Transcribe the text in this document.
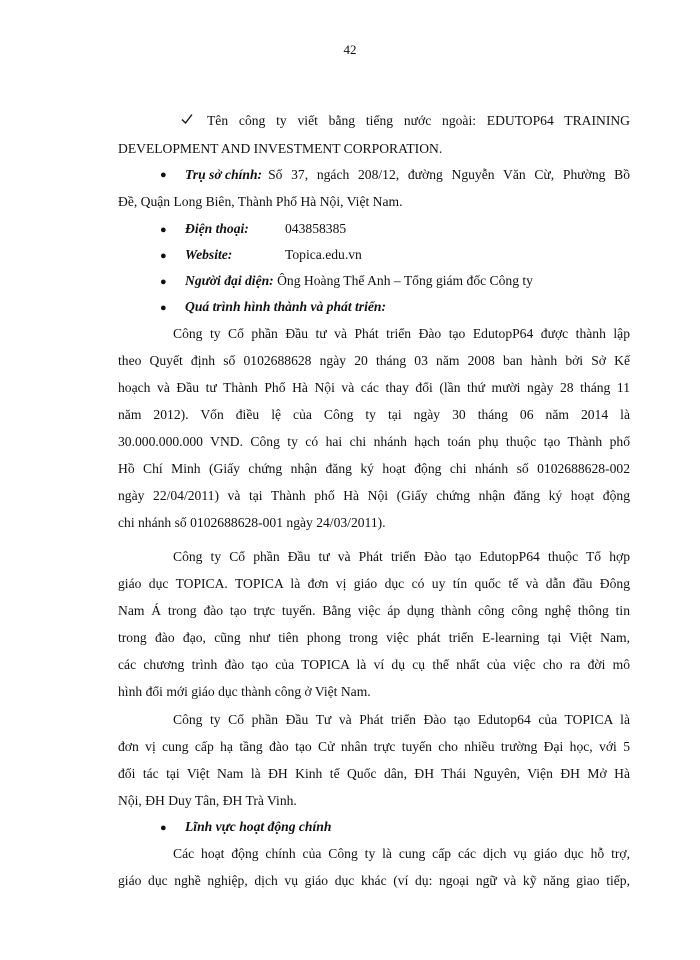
42
Tên công ty viết bằng tiếng nước ngoài: EDUTOP64 TRAINING
DEVELOPMENT AND INVESTMENT CORPORATION.
● Trụ sở chính: Số 37, ngách 208/12, đường Nguyễn Văn Cừ, Phường Bồ
Đề, Quận Long Biên, Thành Phố Hà Nội, Việt Nam.
● Điện thoại:	043858385
● Website:	Topica.edu.vn
● Người đại diện: Ông Hoàng Thế Anh – Tổng giám đốc Công ty
● Quá trình hình thành và phát triển:
Công ty Cổ phần Đầu tư và Phát triển Đào tạo EdutopP64 được thành lập
theo Quyết định số 0102688628 ngày 20 tháng 03 năm 2008 ban hành bởi Sở Kế
hoạch và Đầu tư Thành Phố Hà Nội và các thay đổi (lần thứ mười ngày 28 tháng 11
năm 2012). Vốn điều lệ của Công ty tại ngày 30 tháng 06 năm 2014 là
30.000.000.000 VND. Công ty có hai chi nhánh hạch toán phụ thuộc tạo Thành phố
Hồ Chí Minh (Giấy chứng nhận đăng ký hoạt động chi nhánh số 0102688628-002
ngày 22/04/2011) và tại Thành phố Hà Nội (Giấy chứng nhận đăng ký hoạt động
chi nhánh số 0102688628-001 ngày 24/03/2011).
Công ty Cổ phần Đầu tư và Phát triển Đào tạo EdutopP64 thuộc Tổ hợp
giáo dục TOPICA. TOPICA là đơn vị giáo dục có uy tín quốc tế và dẫn đầu Đông
Nam Á trong đào tạo trực tuyến. Bằng việc áp dụng thành công công nghệ thông tin
trong đào đạo, cũng như tiên phong trong việc phát triển E-learning tại Việt Nam,
các chương trình đào tạo của TOPICA là ví dụ cụ thể nhất của việc cho ra đời mô
hình đổi mới giáo dục thành công ở Việt Nam.
Công ty Cổ phần Đầu Tư và Phát triển Đào tạo Edutop64 của TOPICA là
đơn vị cung cấp hạ tầng đào tạo Cử nhân trực tuyến cho nhiều trường Đại học, với 5
đối tác tại Việt Nam là ĐH Kinh tế Quốc dân, ĐH Thái Nguyên, Viện ĐH Mở Hà
Nội, ĐH Duy Tân, ĐH Trà Vinh.
● Lĩnh vực hoạt động chính
Các hoạt động chính của Công ty là cung cấp các dịch vụ giáo dục hỗ trợ,
giáo dục nghề nghiệp, dịch vụ giáo dục khác (ví dụ: ngoại ngữ và kỹ năng giao tiếp,
